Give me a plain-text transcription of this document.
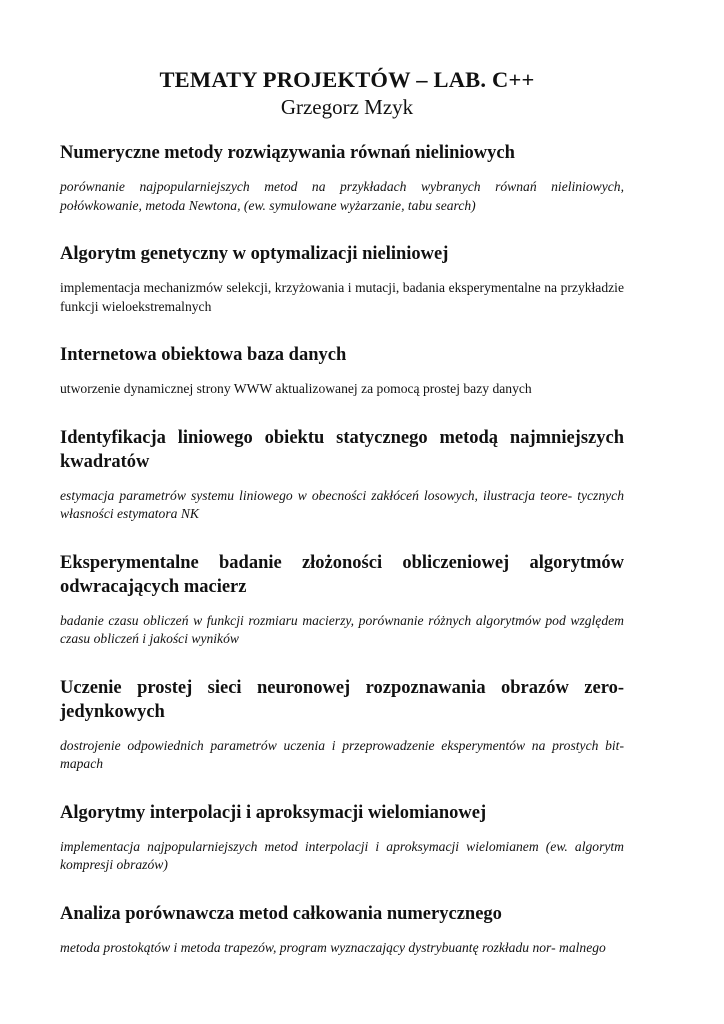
TEMATY PROJEKTÓW – LAB. C++

Grzegorz Mzyk

Numeryczne metody rozwiązywania równań nieliniowych

porównanie najpopularniejszych metod na przykładach wybranych równań nieliniowych, połówkowanie, metoda Newtona, (ew. symulowane wyżarzanie, tabu search)

Algorytm genetyczny w optymalizacji nieliniowej

implementacja mechanizmów selekcji, krzyżowania i mutacji, badania eksperymentalne na przykładzie funkcji wieloekstremalnych

Internetowa obiektowa baza danych

utworzenie dynamicznej strony WWW aktualizowanej za pomocą prostej bazy danych

Identyfikacja liniowego obiektu statycznego metodą najmniejszych kwadratów

estymacja parametrów systemu liniowego w obecności zakłóceń losowych, ilustracja teore- tycznych własności estymatora NK

Eksperymentalne badanie złożoności obliczeniowej algorytmów odwracających macierz

badanie czasu obliczeń w funkcji rozmiaru macierzy, porównanie różnych algorytmów pod względem czasu obliczeń i jakości wyników

Uczenie prostej sieci neuronowej rozpoznawania obrazów zero-jedynkowych

dostrojenie odpowiednich parametrów uczenia i przeprowadzenie eksperymentów na prostych bit-mapach

Algorytmy interpolacji i aproksymacji wielomianowej

implementacja najpopularniejszych metod interpolacji i aproksymacji wielomianem (ew. algorytm kompresji obrazów)

Analiza porównawcza metod całkowania numerycznego

metoda prostokątów i metoda trapezów, program wyznaczający dystrybuantę rozkładu nor- malnego
